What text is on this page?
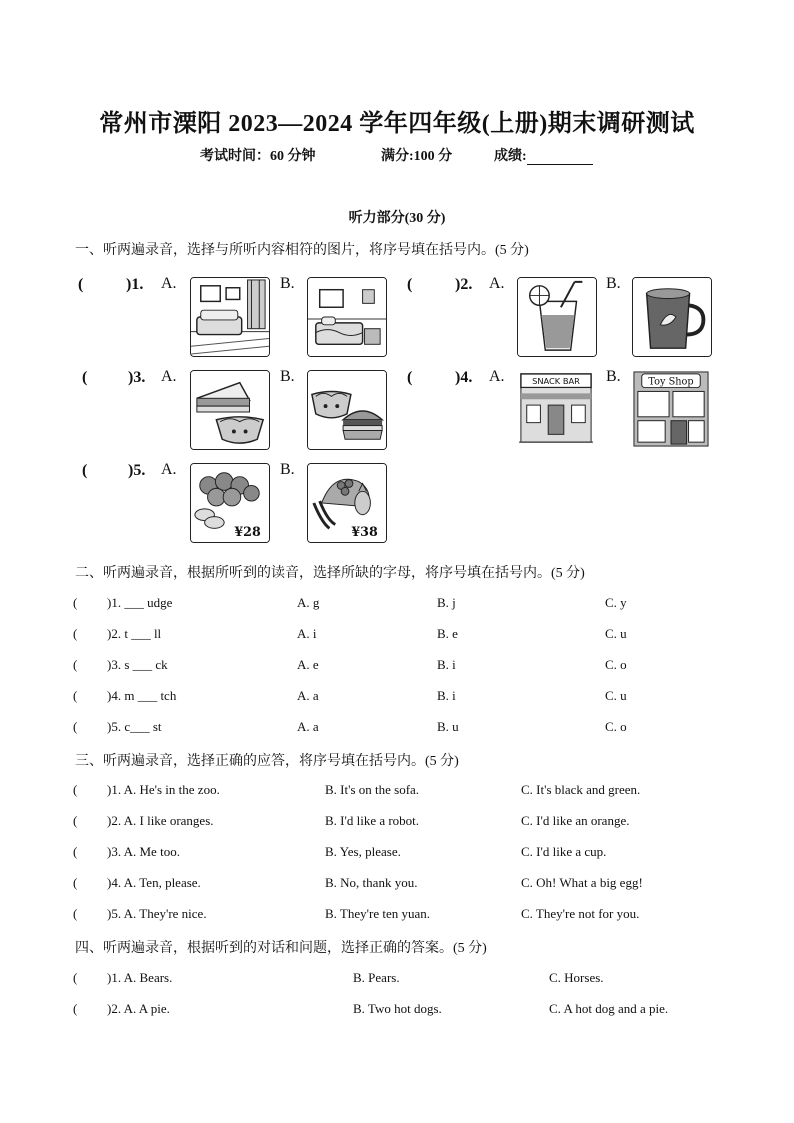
常州市溧阳 2023—2024 学年四年级(上册)期末调研测试
考试时间：60 分钟	满分:100 分	成绩:
听力部分(30 分)
一、听两遍录音，选择与所听内容相符的图片，将序号填在括号内。(5 分)
(	)1. A.	B.	(	)2. A.	B.
(	)3. A.	B.	(	)4. A.	SNACK BAR B.	Toy Shop
(	)5. A.
¥28
B.
¥38
二、听两遍录音，根据所听到的读音，选择所缺的字母，将序号填在括号内。(5 分)
( )1. ___ udge	A. g	B. j	C. y
( )2. t ___ ll	A. i	B. e	C. u
( )3. s ___ ck	A. e	B. i	C. o
( )4. m ___ tch	A. a	B. i	C. u
( )5. c___ st	A. a	B. u	C. o
三、听两遍录音，选择正确的应答，将序号填在括号内。(5 分)
( )1. A. He's in the zoo.	B. It's on the sofa.	C. It's black and green.
( )2. A. I like oranges.	B. I'd like a robot.	C. I'd like an orange.
( )3. A. Me too.	B. Yes, please.	C. I'd like a cup.
( )4. A. Ten, please.	B. No, thank you.	C. Oh! What a big egg!
( )5. A. They're nice.	B. They're ten yuan.	C. They're not for you.
四、听两遍录音，根据听到的对话和问题，选择正确的答案。(5 分)
( )1. A. Bears.	B. Pears.	C. Horses.
( )2. A. A pie.	B. Two hot dogs.	C. A hot dog and a pie.
